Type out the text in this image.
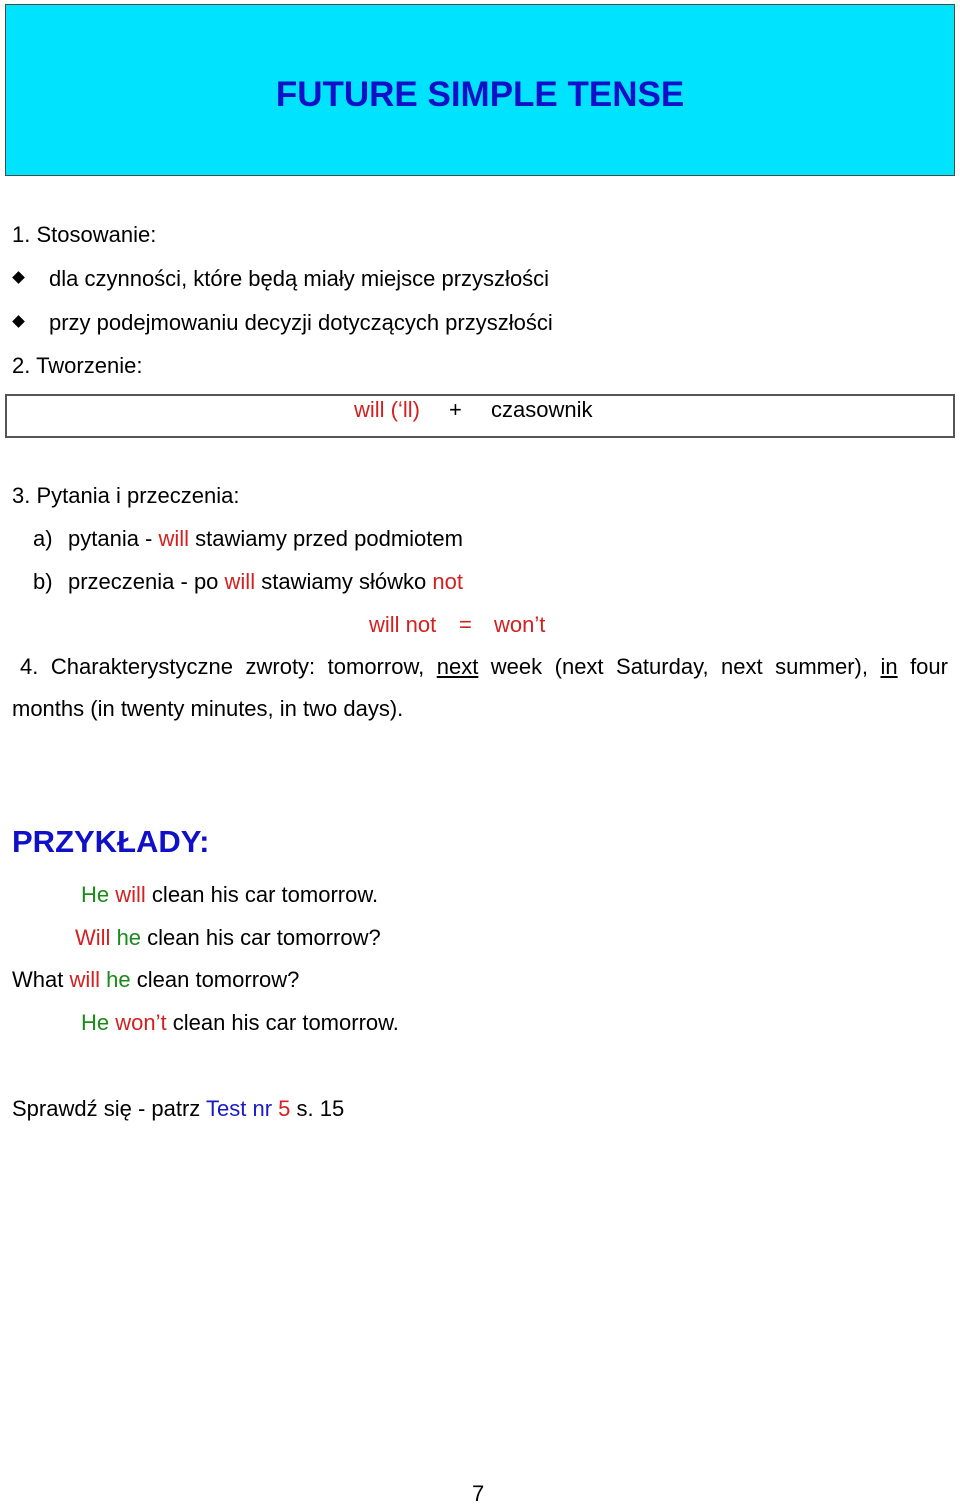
FUTURE SIMPLE TENSE
1. Stosowanie:
dla czynności, które będą miały miejsce przyszłości
przy podejmowaniu decyzji dotyczących przyszłości
2. Tworzenie:
will (‘ll) + czasownik
3. Pytania i przeczenia:
a) pytania - will stawiamy przed podmiotem
b) przeczenia - po will stawiamy słówko not
will not = won’t
4. Charakterystyczne zwroty: tomorrow, next week (next Saturday, next summer), in four months (in twenty minutes, in two days).
PRZYKŁADY:
He will clean his car tomorrow.
Will he clean his car tomorrow?
What will he clean tomorrow?
He won’t clean his car tomorrow.
Sprawdź się - patrz Test nr 5 s. 15
7
